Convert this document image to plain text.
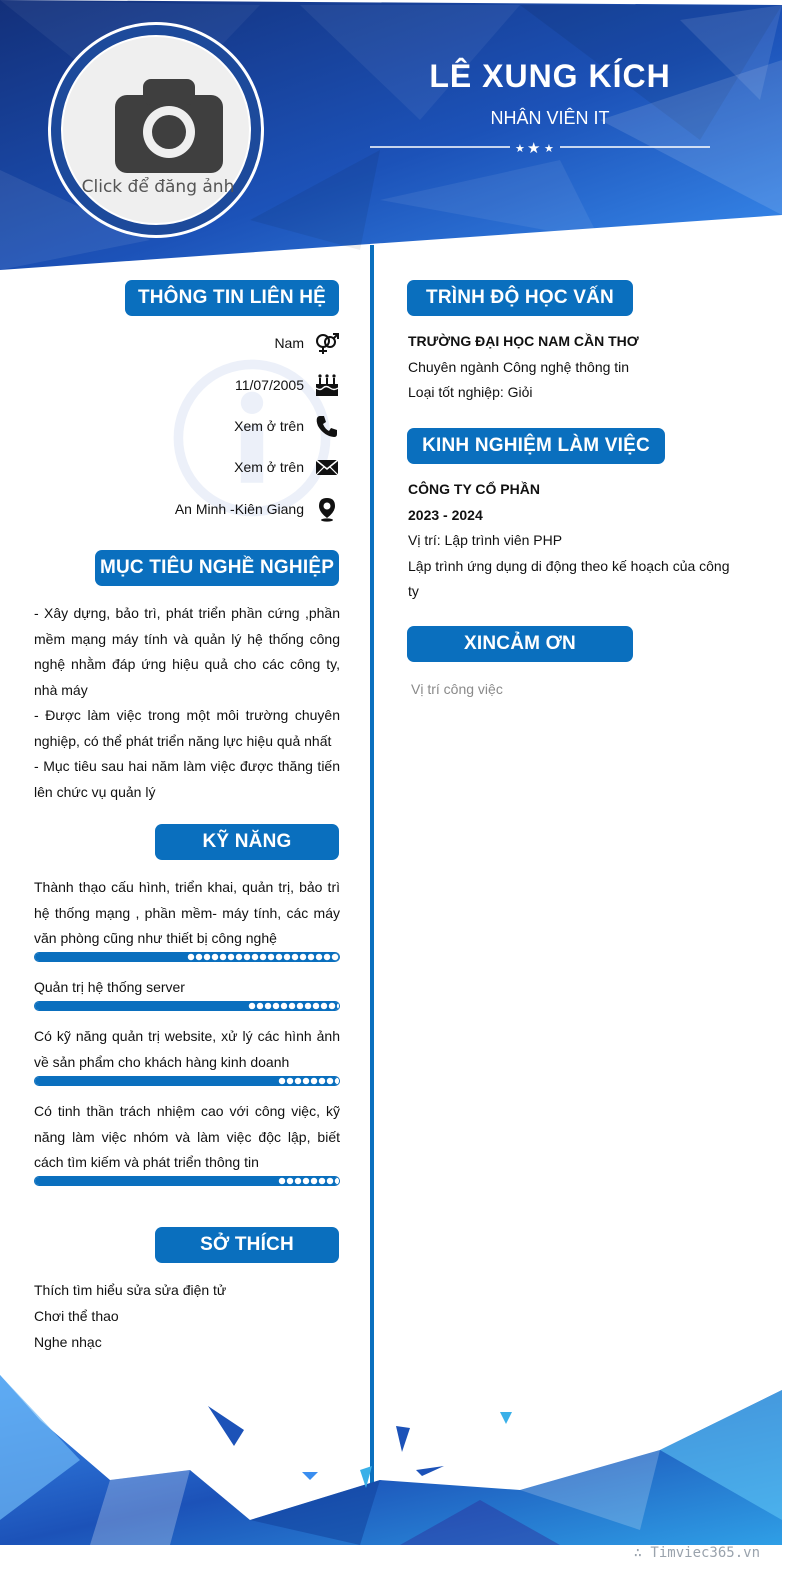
Click để đăng ảnh
LÊ XUNG KÍCH
NHÂN VIÊN IT
★ ★ ★
THÔNG TIN LIÊN HỆ
Nam
11/07/2005
Xem ở trên
Xem ở trên
An Minh -Kiên Giang
MỤC TIÊU NGHỀ NGHIỆP
- Xây dựng, bảo trì, phát triển phần cứng ,phần mềm mạng máy tính và quản lý hệ thống công nghệ nhằm đáp ứng hiệu quả cho các công ty, nhà máy
- Được làm việc trong một môi trường chuyên nghiệp, có thể phát triển năng lực hiệu quả nhất
- Mục tiêu sau hai năm làm việc được thăng tiến lên chức vụ quản lý
KỸ NĂNG
Thành thạo cấu hình, triển khai, quản trị, bảo trì hệ thống mạng , phần mềm- máy tính, các máy văn phòng cũng như thiết bị công nghệ
Quản trị hệ thống server
Có kỹ năng quản trị website, xử lý các hình ảnh về sản phẩm cho khách hàng kinh doanh
Có tinh thần trách nhiệm cao với công việc, kỹ năng làm việc nhóm và làm việc độc lập, biết cách tìm kiếm và phát triển thông tin
SỞ THÍCH
Thích tìm hiểu sửa sửa điện tử
Chơi thể thao
Nghe nhạc
TRÌNH ĐỘ HỌC VẤN
TRƯỜNG ĐẠI HỌC NAM CẦN THƠ
Chuyên ngành Công nghệ thông tin
Loại tốt nghiệp: Giỏi
KINH NGHIỆM LÀM VIỆC
CÔNG TY CỔ PHẦN
2023 - 2024
Vị trí: Lập trình viên PHP
Lập trình ứng dụng di động theo kế hoạch của công ty
XINCẢM ƠN
Vị trí công việc
∴ Timviec365.vn
